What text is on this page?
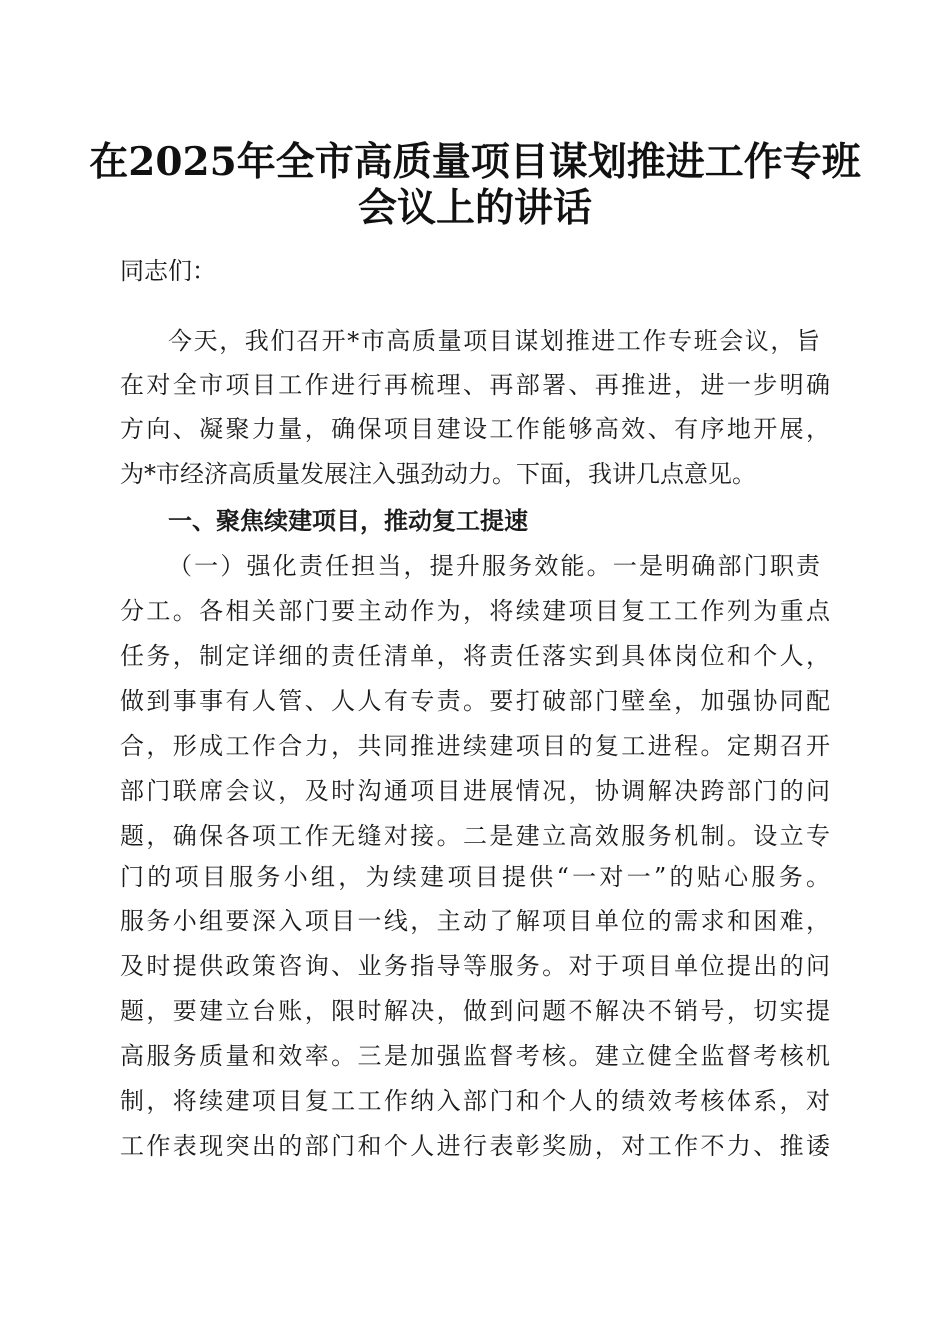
在2025年全市高质量项目谋划推进工作专班
会议上的讲话
同志们：
今天，我们召开*市高质量项目谋划推进工作专班会议，旨
在对全市项目工作进行再梳理、再部署、再推进，进一步明确
方向、凝聚力量，确保项目建设工作能够高效、有序地开展，
为*市经济高质量发展注入强劲动力。下面，我讲几点意见。
一、聚焦续建项目，推动复工提速
（一）强化责任担当，提升服务效能。一是明确部门职责
分工。各相关部门要主动作为，将续建项目复工工作列为重点
任务，制定详细的责任清单，将责任落实到具体岗位和个人，
做到事事有人管、人人有专责。要打破部门壁垒，加强协同配
合，形成工作合力，共同推进续建项目的复工进程。定期召开
部门联席会议，及时沟通项目进展情况，协调解决跨部门的问
题，确保各项工作无缝对接。二是建立高效服务机制。设立专
门的项目服务小组，为续建项目提供“一对一”的贴心服务。
服务小组要深入项目一线，主动了解项目单位的需求和困难，
及时提供政策咨询、业务指导等服务。对于项目单位提出的问
题，要建立台账，限时解决，做到问题不解决不销号，切实提
高服务质量和效率。三是加强监督考核。建立健全监督考核机
制，将续建项目复工工作纳入部门和个人的绩效考核体系，对
工作表现突出的部门和个人进行表彰奖励，对工作不力、推诿
